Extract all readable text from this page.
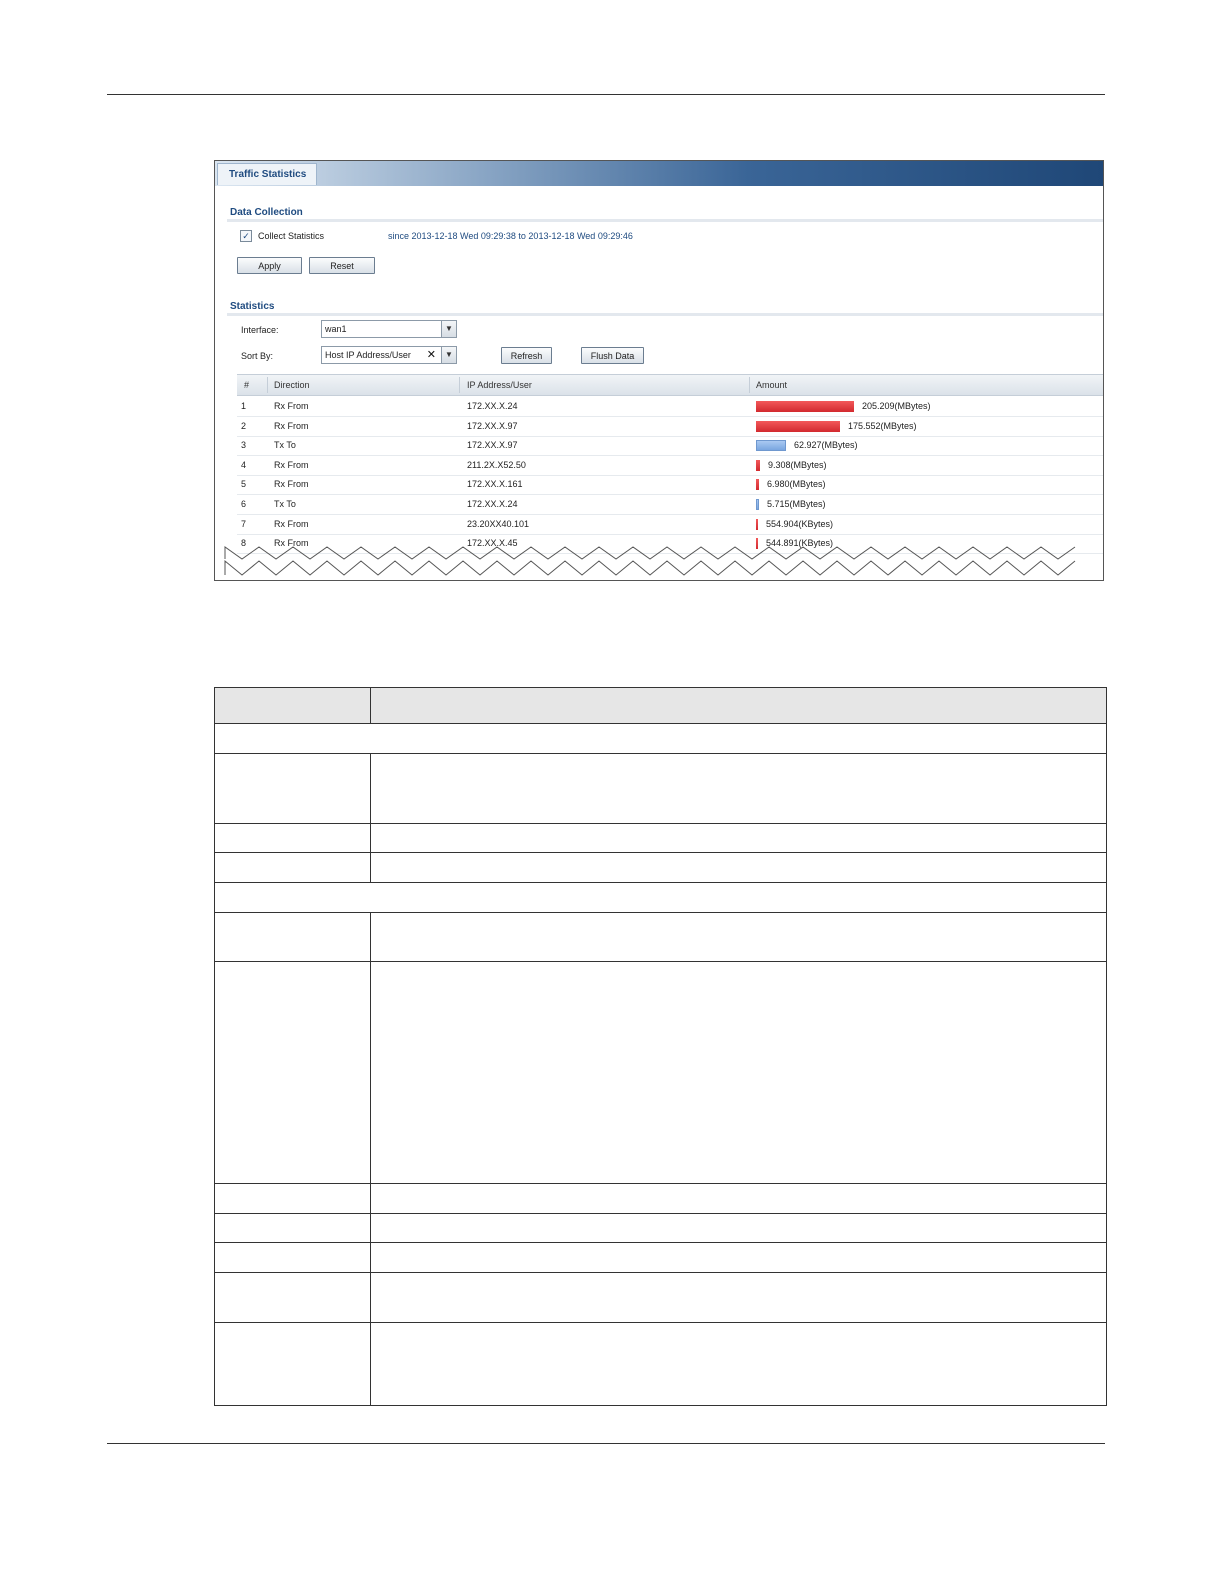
Traffic Statistics
Data Collection
✓ Collect Statistics	since 2013-12-18 Wed 09:29:38 to 2013-12-18 Wed 09:29:46
Apply	Reset
Statistics
Interface:	wan1	▼
Sort By:	Host IP Address/User ✕	▼	Refresh	Flush Data
#	Direction	IP Address/User	Amount
1	Rx From	172.XX.X.24	205.209(MBytes)
2	Rx From	172.XX.X.97	175.552(MBytes)
3	Tx To	172.XX.X.97	62.927(MBytes)
4	Rx From	211.2X.X52.50	9.308(MBytes)
5	Rx From	172.XX.X.161	6.980(MBytes)
6	Tx To	172.XX.X.24	5.715(MBytes)
7	Rx From	23.20XX40.101	554.904(KBytes)
8	Rx From	172.XX.X.45	544.891(KBytes)
